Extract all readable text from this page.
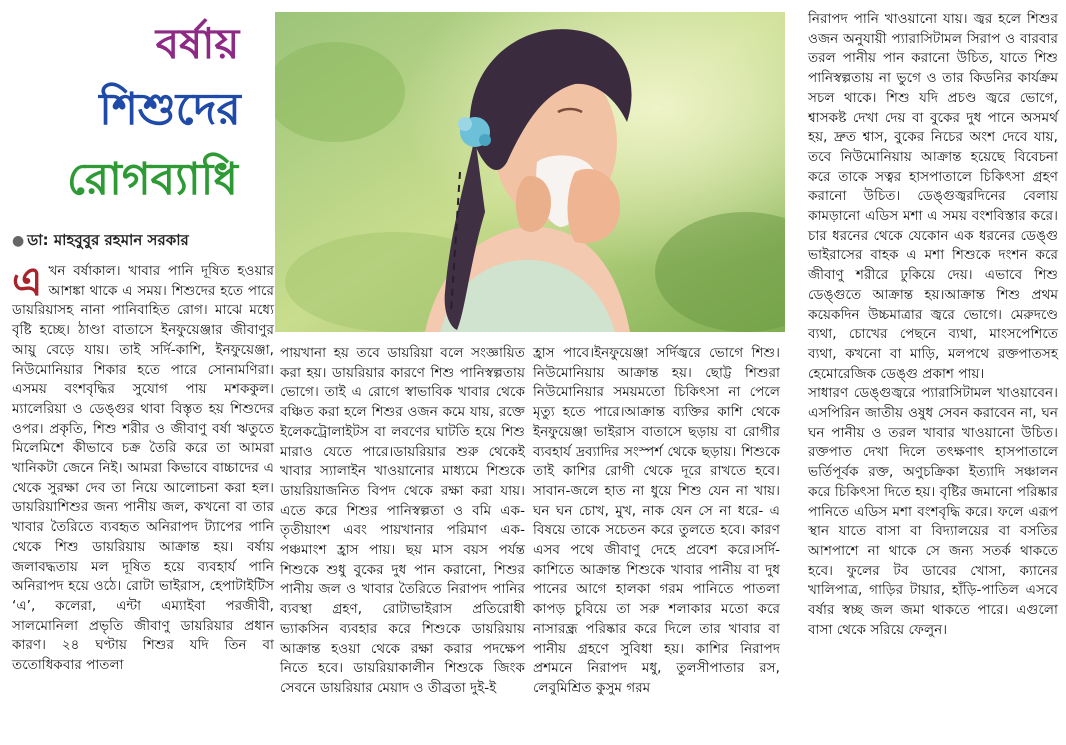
বর্ষায়
শিশুদের
রোগব্যাধি
● ডা: মাহবুবুর রহমান সরকার

এখন বর্ষাকাল। খাবার পানি দূষিত হওয়ার আশঙ্কা থাকে এ সময়। শিশুদের হতে পারে ডায়রিয়াসহ নানা পানিবাহিত রোগ। মাঝে মধ্যে বৃষ্টি হচ্ছে। ঠাণ্ডা বাতাসে ইনফুয়েঞ্জার জীবাণুর আয়ু বেড়ে যায়। তাই সর্দি-কাশি, ইনফুয়েঞ্জা, নিউমোনিয়ার শিকার হতে পারে সোনামণিরা। এসময় বংশবৃদ্ধির সুযোগ পায় মশককুল। ম্যালেরিয়া ও ডেঙ্গুর থাবা বিস্তৃত হয় শিশুদের ওপর। প্রকৃতি, শিশু শরীর ও জীবাণু বর্ষা ঋতুতে মিলেমিশে কীভাবে চক্র তৈরি করে তা আমরা খানিকটা জেনে নিই। আমরা কিভাবে বাচ্চাদের এ থেকে সুরক্ষা দেব তা নিয়ে আলোচনা করা হল। ডায়রিয়াশিশুর জন্য পানীয় জল, কখনো বা তার খাবার তৈরিতে ব্যবহৃত অনিরাপদ ট্যাপের পানি থেকে শিশু ডায়রিয়ায় আক্রান্ত হয়। বর্ষায় জলাবদ্ধতায় মল দূষিত হয়ে ব্যবহার্য পানি অনিরাপদ হয়ে ওঠে। রোটা ভাইরাস, হেপাটাইটিস ‘এ’, কলেরা, এন্টা এম্যাইবা পরজীবী, সালমোনিলা প্রভৃতি জীবাণু ডায়রিয়ার প্রধান কারণ। ২৪ ঘণ্টায় শিশুর যদি তিন বা ততোধিকবার পাতলা

পায়খানা হয় তবে ডায়রিয়া বলে সংজ্ঞায়িত করা হয়। ডায়রিয়ার কারণে শিশু পানিস্বল্পতায় ভোগে। তাই এ রোগে স্বাভাবিক খাবার থেকে বঞ্চিত করা হলে শিশুর ওজন কমে যায়, রক্তে ইলেকট্রোলাইটস বা লবণের ঘাটতি হয়ে শিশু মারাও যেতে পারে।ডায়রিয়ার শুরু থেকেই খাবার স্যালাইন খাওয়ানোর মাধ্যমে শিশুকে ডায়রিয়াজনিত বিপদ থেকে রক্ষা করা যায়। এতে করে শিশুর পানিস্বল্পতা ও বমি এক-তৃতীয়াংশ এবং পায়খানার পরিমাণ এক-পঞ্চমাংশ হ্রাস পায়। ছয় মাস বয়স পর্যন্ত শিশুকে শুধু বুকের দুধ পান করানো, শিশুর পানীয় জল ও খাবার তৈরিতে নিরাপদ পানির ব্যবস্থা গ্রহণ, রোটাভাইরাস প্রতিরোধী ভ্যাকসিন ব্যবহার করে শিশুকে ডায়রিয়ায় আক্রান্ত হওয়া থেকে রক্ষা করার পদক্ষেপ নিতে হবে। ডায়রিয়াকালীন শিশুকে জিংক সেবনে ডায়রিয়ার মেয়াদ ও তীব্রতা দুই-ই

হ্রাস পাবে।ইনফুয়েঞ্জা সর্দিজ্বরে ভোগে শিশু। নিউমোনিয়ায় আক্রান্ত হয়। ছোট্ট শিশুরা নিউমোনিয়ার সময়মতো চিকিৎসা না পেলে মৃত্যু হতে পারে।আক্রান্ত ব্যক্তির কাশি থেকে ইনফুয়েঞ্জা ভাইরাস বাতাসে ছড়ায় বা রোগীর ব্যবহার্য দ্রব্যাদির সংস্পর্শ থেকে ছড়ায়। শিশুকে তাই কাশির রোগী থেকে দূরে রাখতে হবে। সাবান-জলে হাত না ধুয়ে শিশু যেন না খায়। ঘন ঘন চোখ, মুখ, নাক যেন সে না ধরে- এ বিষয়ে তাকে সচেতন করে তুলতে হবে। কারণ এসব পথে জীবাণু দেহে প্রবেশ করে।সর্দি-কাশিতে আক্রান্ত শিশুকে খাবার পানীয় বা দুধ পানের আগে হালকা গরম পানিতে পাতলা কাপড় চুবিয়ে তা সরু শলাকার মতো করে নাসারন্ধ্র পরিষ্কার করে দিলে তার খাবার বা পানীয় গ্রহণে সুবিধা হয়। কাশির নিরাপদ প্রশমনে নিরাপদ মধু, তুলসীপাতার রস, লেবুমিশ্রিত কুসুম গরম

নিরাপদ পানি খাওয়ানো যায়। জ্বর হলে শিশুর ওজন অনুযায়ী প্যারাসিটামল সিরাপ ও বারবার তরল পানীয় পান করানো উচিত, যাতে শিশু পানিস্বল্পতায় না ভুগে ও তার কিডনির কার্যক্রম সচল থাকে। শিশু যদি প্রচণ্ড জ্বরে ভোগে, শ্বাসকষ্ট দেখা দেয় বা বুকের দুধ পানে অসমর্থ হয়, দ্রুত শ্বাস, বুকের নিচের অংশ দেবে যায়, তবে নিউমোনিয়ায় আক্রান্ত হয়েছে বিবেচনা করে তাকে সত্বর হাসপাতালে চিকিৎসা গ্রহণ করানো উচিত। ডেঙ্গুজ্বরদিনের বেলায় কামড়ানো এডিস মশা এ সময় বংশবিস্তার করে। চার ধরনের থেকে যেকোন এক ধরনের ডেঙ্গু ভাইরাসের বাহক এ মশা শিশুকে দংশন করে জীবাণু শরীরে ঢুকিয়ে দেয়। এভাবে শিশু ডেঙ্গুতে আক্রান্ত হয়।আক্রান্ত শিশু প্রথম কয়েকদিন উচ্চমাত্রার জ্বরে ভোগে। মেরুদণ্ডে ব্যথা, চোখের পেছনে ব্যথা, মাংসপেশিতে ব্যথা, কখনো বা মাড়ি, মলপথে রক্তপাতসহ হেমোরেজিক ডেঙ্গু প্রকাশ পায়।

সাধারণ ডেঙ্গুজ্বরে প্যারাসিটামল খাওয়াবেন। এসপিরিন জাতীয় ওষুধ সেবন করাবেন না, ঘন ঘন পানীয় ও তরল খাবার খাওয়ানো উচিত। রক্তপাত দেখা দিলে তৎক্ষণাৎ হাসপাতালে ভর্তিপূর্বক রক্ত, অণুচক্রিকা ইত্যাদি সঞ্চালন করে চিকিৎসা দিতে হয়। বৃষ্টির জমানো পরিষ্কার পানিতে এডিস মশা বংশবৃদ্ধি করে। ফলে এরূপ স্থান যাতে বাসা বা বিদ্যালয়ের বা বসতির আশপাশে না থাকে সে জন্য সতর্ক থাকতে হবে। ফুলের টব ডাবের খোসা, ক্যানের খালিপাত্র, গাড়ির টায়ার, হাঁড়ি-পাতিল এসবে বর্ষার স্বচ্ছ জল জমা থাকতে পারে। এগুলো বাসা থেকে সরিয়ে ফেলুন।
